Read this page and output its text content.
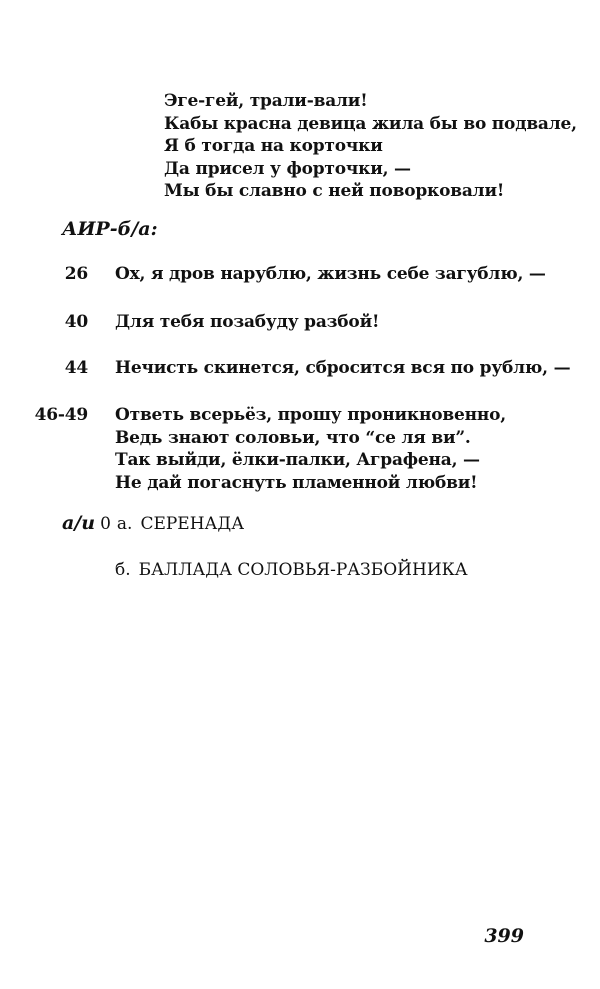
Эге-гей, трали-вали!
Кабы красна девица жила бы во подвале,
Я б тогда на корточки
Да присел у форточки, —
Мы бы славно с ней поворковали!
АИР-б/а:
26 Ох, я дров нарублю, жизнь себе загублю, —
40 Для тебя позабуду разбой!
44 Нечисть скинется, сбросится вся по рублю, —
46-49 Ответь всерьёз, прошу проникновенно,
Ведь знают соловьи, что “се ля ви”.
Так выйди, ёлки-палки, Аграфена, —
Не дай погаснуть пламенной любви!
а/и 0 а. СЕРЕНАДА
б. БАЛЛАДА СОЛОВЬЯ-РАЗБОЙНИКА
399
